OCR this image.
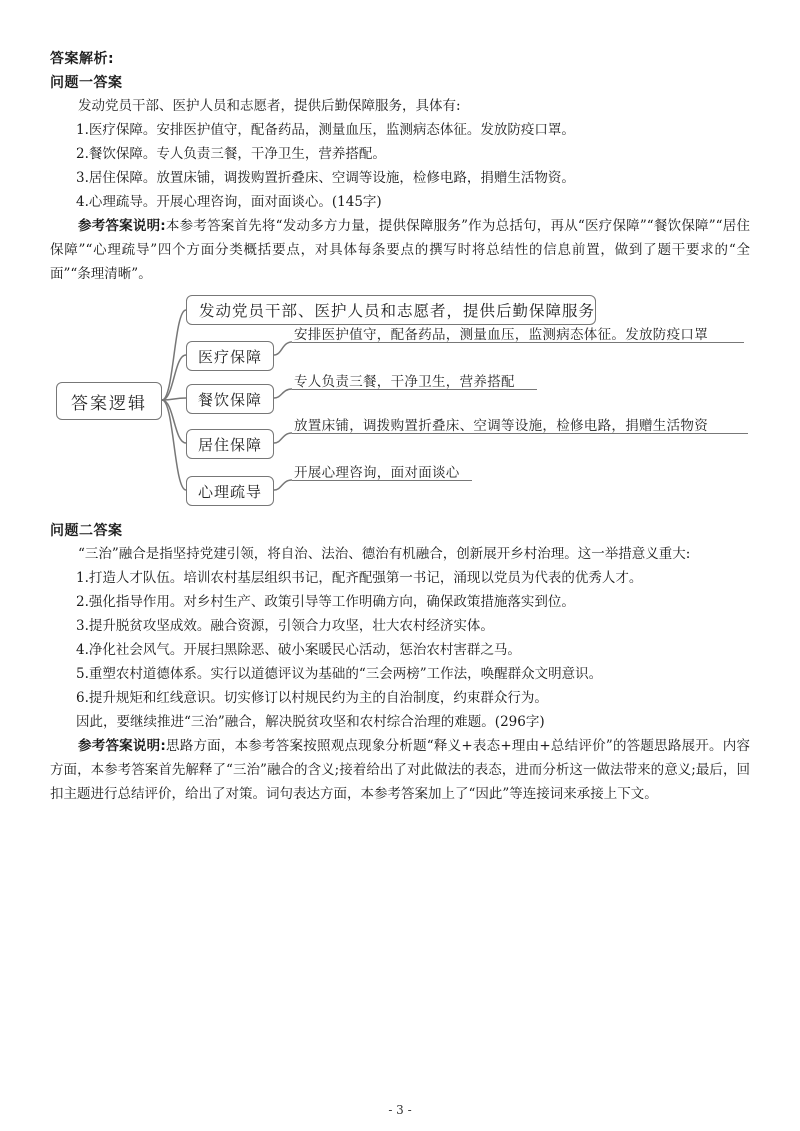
答案解析:
问题一答案
发动党员干部、医护人员和志愿者，提供后勤保障服务，具体有:
1.医疗保障。安排医护值守，配备药品，测量血压，监测病态体征。发放防疫口罩。
2.餐饮保障。专人负责三餐，干净卫生，营养搭配。
3.居住保障。放置床铺，调拨购置折叠床、空调等设施，检修电路，捐赠生活物资。
4.心理疏导。开展心理咨询，面对面谈心。(145字)
参考答案说明:本参考答案首先将“发动多方力量，提供保障服务”作为总括句，再从“医疗保障”“餐饮保障”“居住保障”“心理疏导”四个方面分类概括要点，对具体每条要点的撰写时将总结性的信息前置，做到了题干要求的“全面”“条理清晰”。
答案逻辑
发动党员干部、医护人员和志愿者，提供后勤保障服务
医疗保障
安排医护值守，配备药品，测量血压，监测病态体征。发放防疫口罩
餐饮保障
专人负责三餐，干净卫生，营养搭配
居住保障
放置床铺，调拨购置折叠床、空调等设施，检修电路，捐赠生活物资
心理疏导
开展心理咨询，面对面谈心
问题二答案
“三治”融合是指坚持党建引领，将自治、法治、德治有机融合，创新展开乡村治理。这一举措意义重大:
1.打造人才队伍。培训农村基层组织书记，配齐配强第一书记，涌现以党员为代表的优秀人才。
2.强化指导作用。对乡村生产、政策引导等工作明确方向，确保政策措施落实到位。
3.提升脱贫攻坚成效。融合资源，引领合力攻坚，壮大农村经济实体。
4.净化社会风气。开展扫黑除恶、破小案暖民心活动，惩治农村害群之马。
5.重塑农村道德体系。实行以道德评议为基础的“三会两榜”工作法，唤醒群众文明意识。
6.提升规矩和红线意识。切实修订以村规民约为主的自治制度，约束群众行为。
因此，要继续推进“三治”融合，解决脱贫攻坚和农村综合治理的难题。(296字)
参考答案说明:思路方面，本参考答案按照观点现象分析题“释义+表态+理由+总结评价”的答题思路展开。内容方面，本参考答案首先解释了“三治”融合的含义;接着给出了对此做法的表态，进而分析这一做法带来的意义;最后，回扣主题进行总结评价，给出了对策。词句表达方面，本参考答案加上了“因此”等连接词来承接上下文。
- 3 -
